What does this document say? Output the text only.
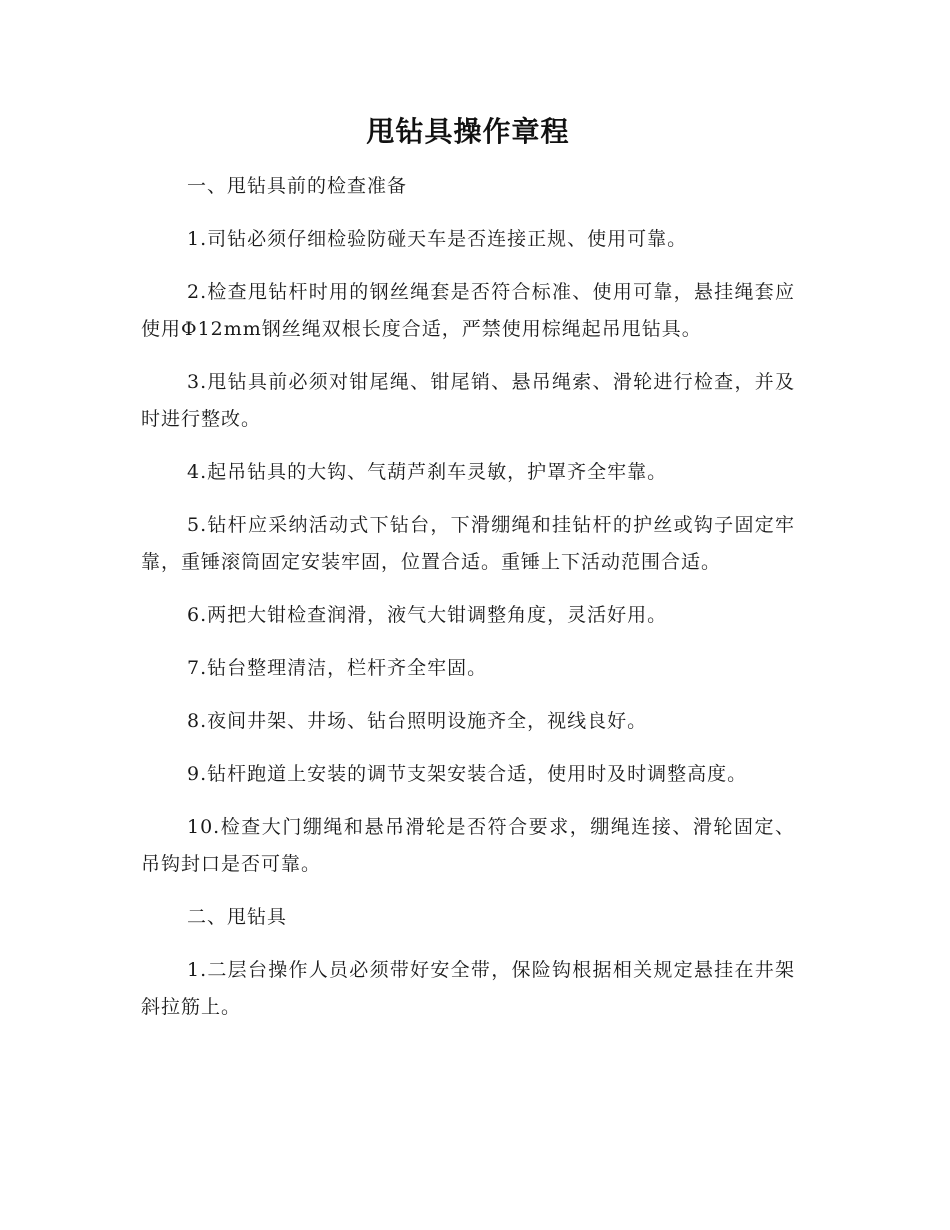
甩钻具操作章程

一、甩钻具前的检查准备

1.司钻必须仔细检验防碰天车是否连接正规、使用可靠。

2.检查甩钻杆时用的钢丝绳套是否符合标准、使用可靠，悬挂绳套应使用Φ12mm钢丝绳双根长度合适，严禁使用棕绳起吊甩钻具。

3.甩钻具前必须对钳尾绳、钳尾销、悬吊绳索、滑轮进行检查，并及时进行整改。

4.起吊钻具的大钩、气葫芦刹车灵敏，护罩齐全牢靠。

5.钻杆应采纳活动式下钻台，下滑绷绳和挂钻杆的护丝或钩子固定牢靠，重锤滚筒固定安装牢固，位置合适。重锤上下活动范围合适。

6.两把大钳检查润滑，液气大钳调整角度，灵活好用。

7.钻台整理清洁，栏杆齐全牢固。

8.夜间井架、井场、钻台照明设施齐全，视线良好。

9.钻杆跑道上安装的调节支架安装合适，使用时及时调整高度。

10.检查大门绷绳和悬吊滑轮是否符合要求，绷绳连接、滑轮固定、吊钩封口是否可靠。

二、甩钻具

1.二层台操作人员必须带好安全带，保险钩根据相关规定悬挂在井架斜拉筋上。
